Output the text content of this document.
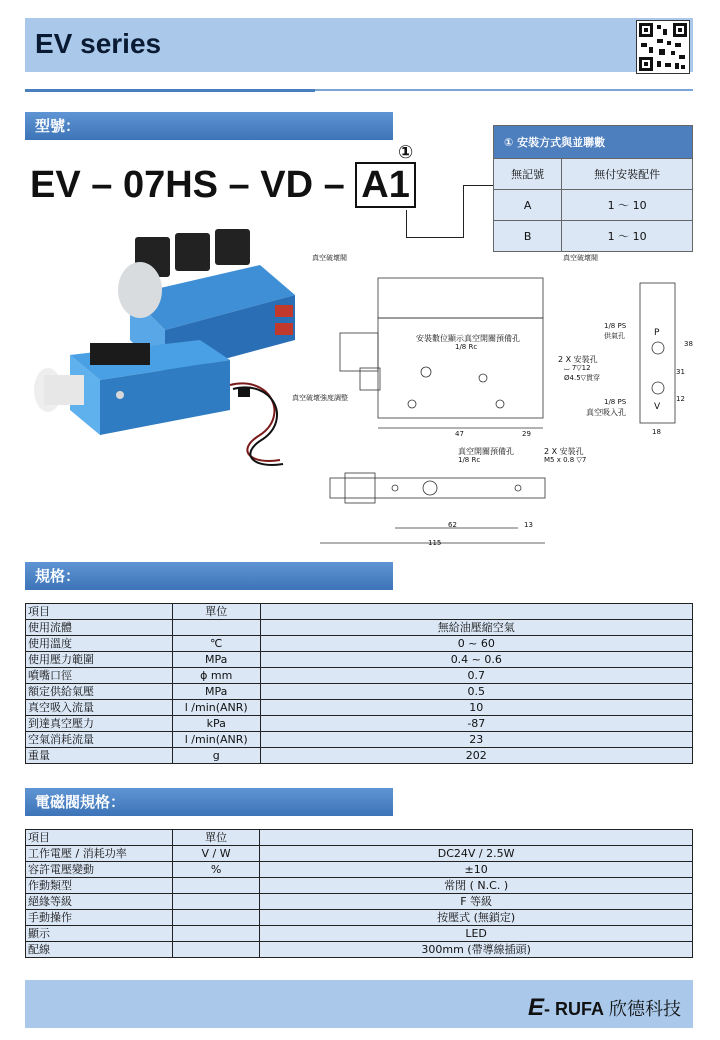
EV series
型號：
①
EV – 07HS – VD – A1
① 安裝方式與並聯數	
無記號	無付安裝配件
A	1 ～ 10
B	1 ～ 10
真空破壞閥	真空破壞閥
安裝數位顯示真空開關預備孔
1/8 Rc
2 X 安裝孔
⌴ 7▽12
Ø4.5▽貫穿
真空破壞強度調整
1/8 PS
供氣孔
1/8 PS
真空吸入孔
真空開關預備孔
1/8 Rc
2 X 安裝孔
M5 x 0.8 ▽7
47	29
62	13
115
18
38
31
12
P
V
規格：
項目	單位	
使用流體		無給油壓縮空氣
使用溫度	℃	0 ~ 60
使用壓力範圍	MPa	0.4 ~ 0.6
噴嘴口徑	ɸ mm	0.7
額定供給氣壓	MPa	0.5
真空吸入流量	l /min(ANR)	10
到達真空壓力	kPa	-87
空氣消耗流量	l /min(ANR)	23
重量	g	202
電磁閥規格：
項目	單位	
工作電壓 / 消耗功率	V / W	DC24V / 2.5W
容許電壓變動	%	±10
作動類型		常閉 ( N.C. )
絕緣等級		F 等級
手動操作		按壓式 (無鎖定)
顯示		LED
配線		300mm (帶導線插頭)
E- RUFA 欣德科技
